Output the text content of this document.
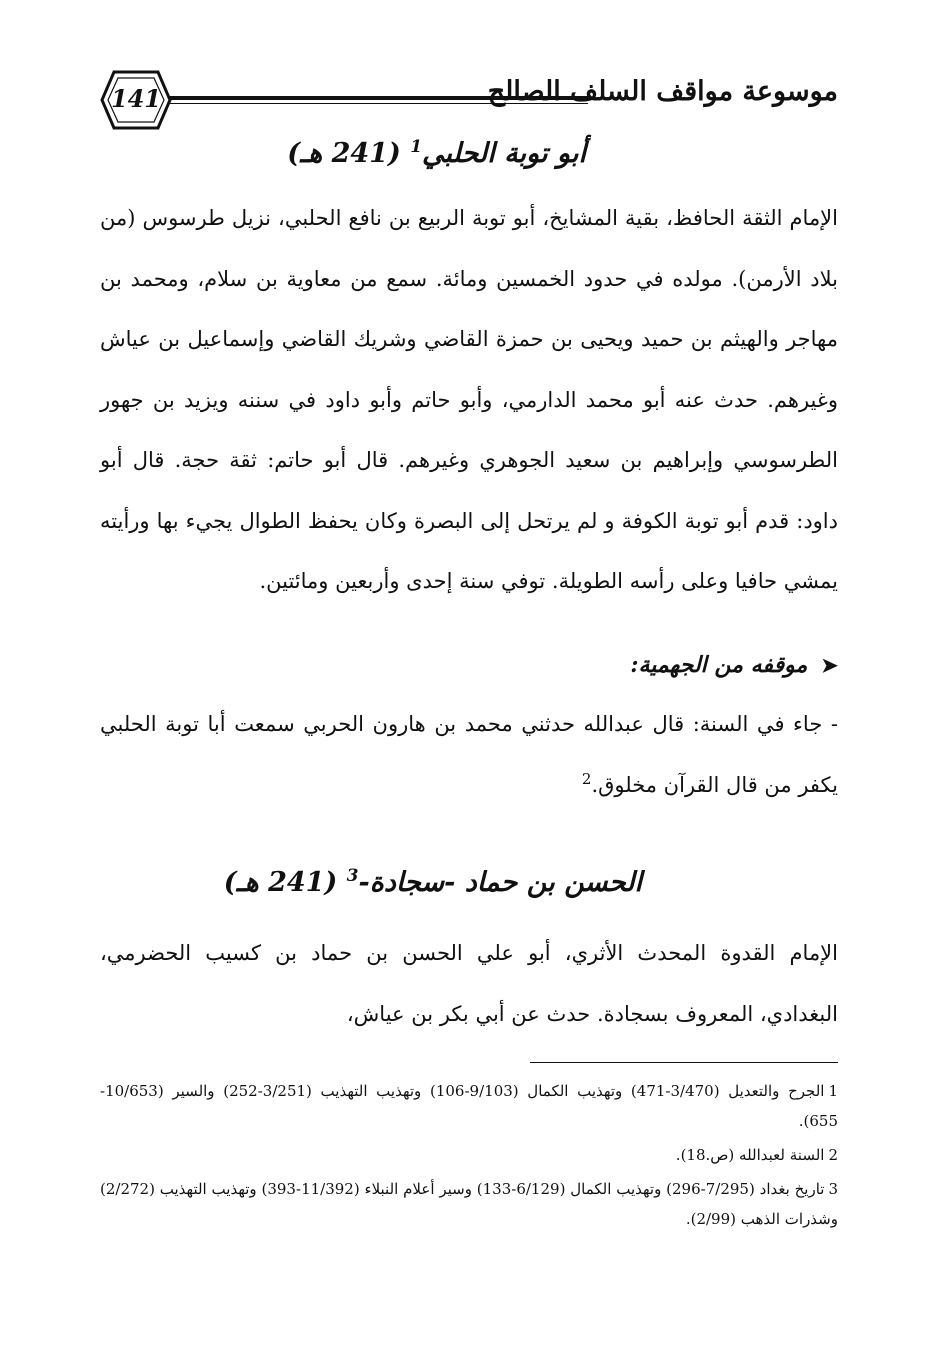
141	موسوعة مواقف السلف الصالح
أبو توبة الحلبي$^1$ (241 هـ)
الإمام الثقة الحافظ، بقية المشايخ، أبو توبة الربيع بن نافع الحلبي، نزيل طرسوس (من بلاد الأرمن). مولده في حدود الخمسين ومائة. سمع من معاوية بن سلام، ومحمد بن مهاجر والهيثم بن حميد ويحيى بن حمزة القاضي وشريك القاضي وإسماعيل بن عياش وغيرهم. حدث عنه أبو محمد الدارمي، وأبو حاتم وأبو داود في سننه ويزيد بن جهور الطرسوسي وإبراهيم بن سعيد الجوهري وغيرهم. قال أبو حاتم: ثقة حجة. قال أبو داود: قدم أبو توبة الكوفة و لم يرتحل إلى البصرة وكان يحفظ الطوال يجيء بها ورأيته يمشي حافيا وعلى رأسه الطويلة. توفي سنة إحدى وأربعين ومائتين.
➤موقفه من الجهمية:
- جاء في السنة: قال عبدالله حدثني محمد بن هارون الحربي سمعت أبا توبة الحلبي يكفر من قال القرآن مخلوق.$^2$
الحسن بن حماد -سجادة-$^3$ (241 هـ)
الإمام القدوة المحدث الأثري، أبو علي الحسن بن حماد بن كسيب الحضرمي، البغدادي، المعروف بسجادة. حدث عن أبي بكر بن عياش،

1الجرح والتعديل (3/470-471) وتهذيب الكمال (9/103-106) وتهذيب التهذيب (3/251-252) والسير (10/653-655).

2السنة لعبدالله (ص.18).

3تاريخ بغداد (7/295-296) وتهذيب الكمال (6/129-133) وسير أعلام النبلاء (11/392-393) وتهذيب التهذيب (2/272) وشذرات الذهب (2/99).
